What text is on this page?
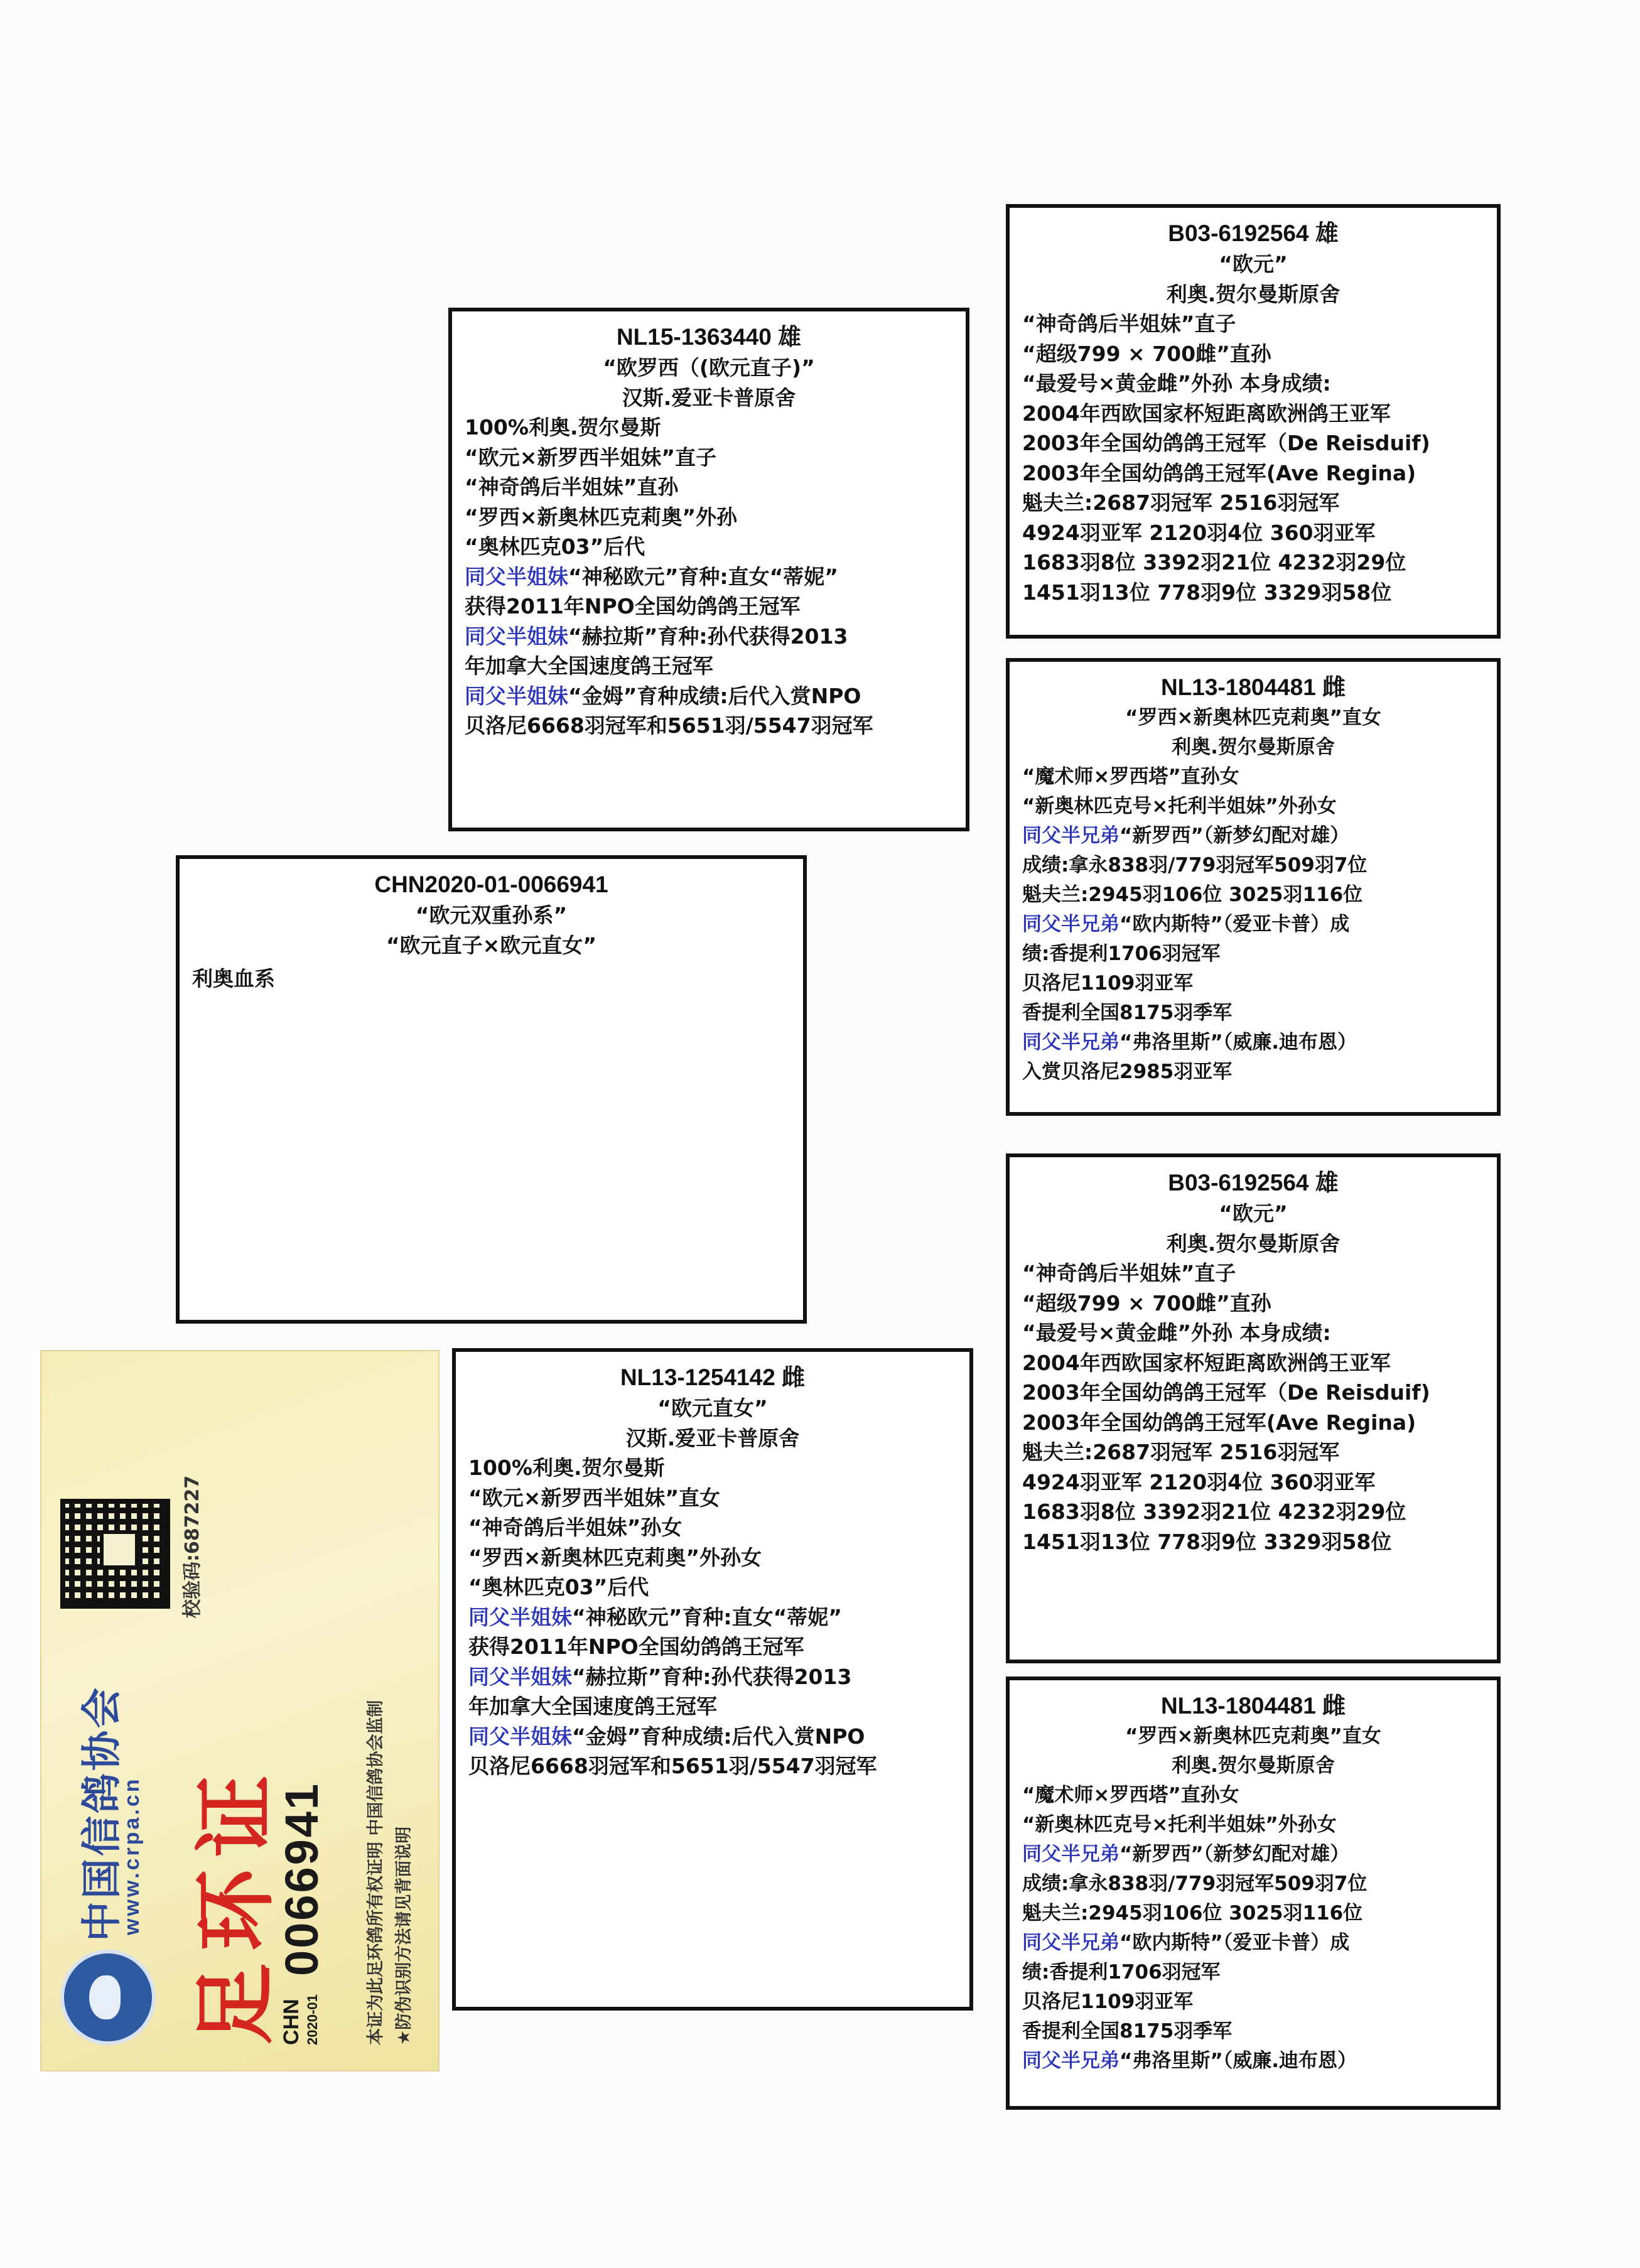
CHN2020-01-0066941
“欧元双重孙系”
“欧元直子×欧元直女”
利奥血系
NL15-1363440 雄
“欧罗西（(欧元直子)”
汉斯.爱亚卡普原舍
100%利奥.贺尔曼斯
“欧元×新罗西半姐妹”直子
“神奇鸽后半姐妹”直孙
“罗西×新奥林匹克莉奥”外孙
“奥林匹克03”后代
同父半姐妹“神秘欧元”育种:直女“蒂妮”
获得2011年NPO全国幼鸽鸽王冠军
同父半姐妹“赫拉斯”育种:孙代获得2013
年加拿大全国速度鸽王冠军
同父半姐妹“金姆”育种成绩:后代入赏NPO
贝洛尼6668羽冠军和5651羽/5547羽冠军
NL13-1254142 雌
“欧元直女”
汉斯.爱亚卡普原舍
100%利奥.贺尔曼斯
“欧元×新罗西半姐妹”直女
“神奇鸽后半姐妹”孙女
“罗西×新奥林匹克莉奥”外孙女
“奥林匹克03”后代
同父半姐妹“神秘欧元”育种:直女“蒂妮”
获得2011年NPO全国幼鸽鸽王冠军
同父半姐妹“赫拉斯”育种:孙代获得2013
年加拿大全国速度鸽王冠军
同父半姐妹“金姆”育种成绩:后代入赏NPO
贝洛尼6668羽冠军和5651羽/5547羽冠军
B03-6192564 雄
“欧元”
利奥.贺尔曼斯原舍
“神奇鸽后半姐妹”直子
“超级799 × 700雌”直孙
“最爱号×黄金雌”外孙 本身成绩:
2004年西欧国家杯短距离欧洲鸽王亚军
2003年全国幼鸽鸽王冠军（De Reisduif)
2003年全国幼鸽鸽王冠军(Ave Regina)
魁夫兰:2687羽冠军 2516羽冠军
4924羽亚军 2120羽4位 360羽亚军
1683羽8位 3392羽21位 4232羽29位
1451羽13位 778羽9位 3329羽58位
NL13-1804481 雌
“罗西×新奥林匹克莉奥”直女
利奥.贺尔曼斯原舍
“魔术师×罗西塔”直孙女
“新奥林匹克号×托利半姐妹”外孙女
同父半兄弟“新罗西”（新梦幻配对雄）
成绩:拿永838羽/779羽冠军509羽7位
魁夫兰:2945羽106位 3025羽116位
同父半兄弟“欧内斯特”（爱亚卡普）成
绩:香提利1706羽冠军
贝洛尼1109羽亚军
香提利全国8175羽季军
同父半兄弟“弗洛里斯”（威廉.迪布恩）
入赏贝洛尼2985羽亚军
B03-6192564 雄
“欧元”
利奥.贺尔曼斯原舍
“神奇鸽后半姐妹”直子
“超级799 × 700雌”直孙
“最爱号×黄金雌”外孙 本身成绩:
2004年西欧国家杯短距离欧洲鸽王亚军
2003年全国幼鸽鸽王冠军（De Reisduif)
2003年全国幼鸽鸽王冠军(Ave Regina)
魁夫兰:2687羽冠军 2516羽冠军
4924羽亚军 2120羽4位 360羽亚军
1683羽8位 3392羽21位 4232羽29位
1451羽13位 778羽9位 3329羽58位
NL13-1804481 雌
“罗西×新奥林匹克莉奥”直女
利奥.贺尔曼斯原舍
“魔术师×罗西塔”直孙女
“新奥林匹克号×托利半姐妹”外孙女
同父半兄弟“新罗西”（新梦幻配对雄）
成绩:拿永838羽/779羽冠军509羽7位
魁夫兰:2945羽106位 3025羽116位
同父半兄弟“欧内斯特”（爱亚卡普）成
绩:香提利1706羽冠军
贝洛尼1109羽亚军
香提利全国8175羽季军
同父半兄弟“弗洛里斯”（威廉.迪布恩）
中国信鸽协会
www.crpa.cn 足环证
CHN
2020-010066941 本证为此足环鸽所有权证明 中国信鸽协会监制 ★防伪识别方法请见背面说明
校验码:687227
